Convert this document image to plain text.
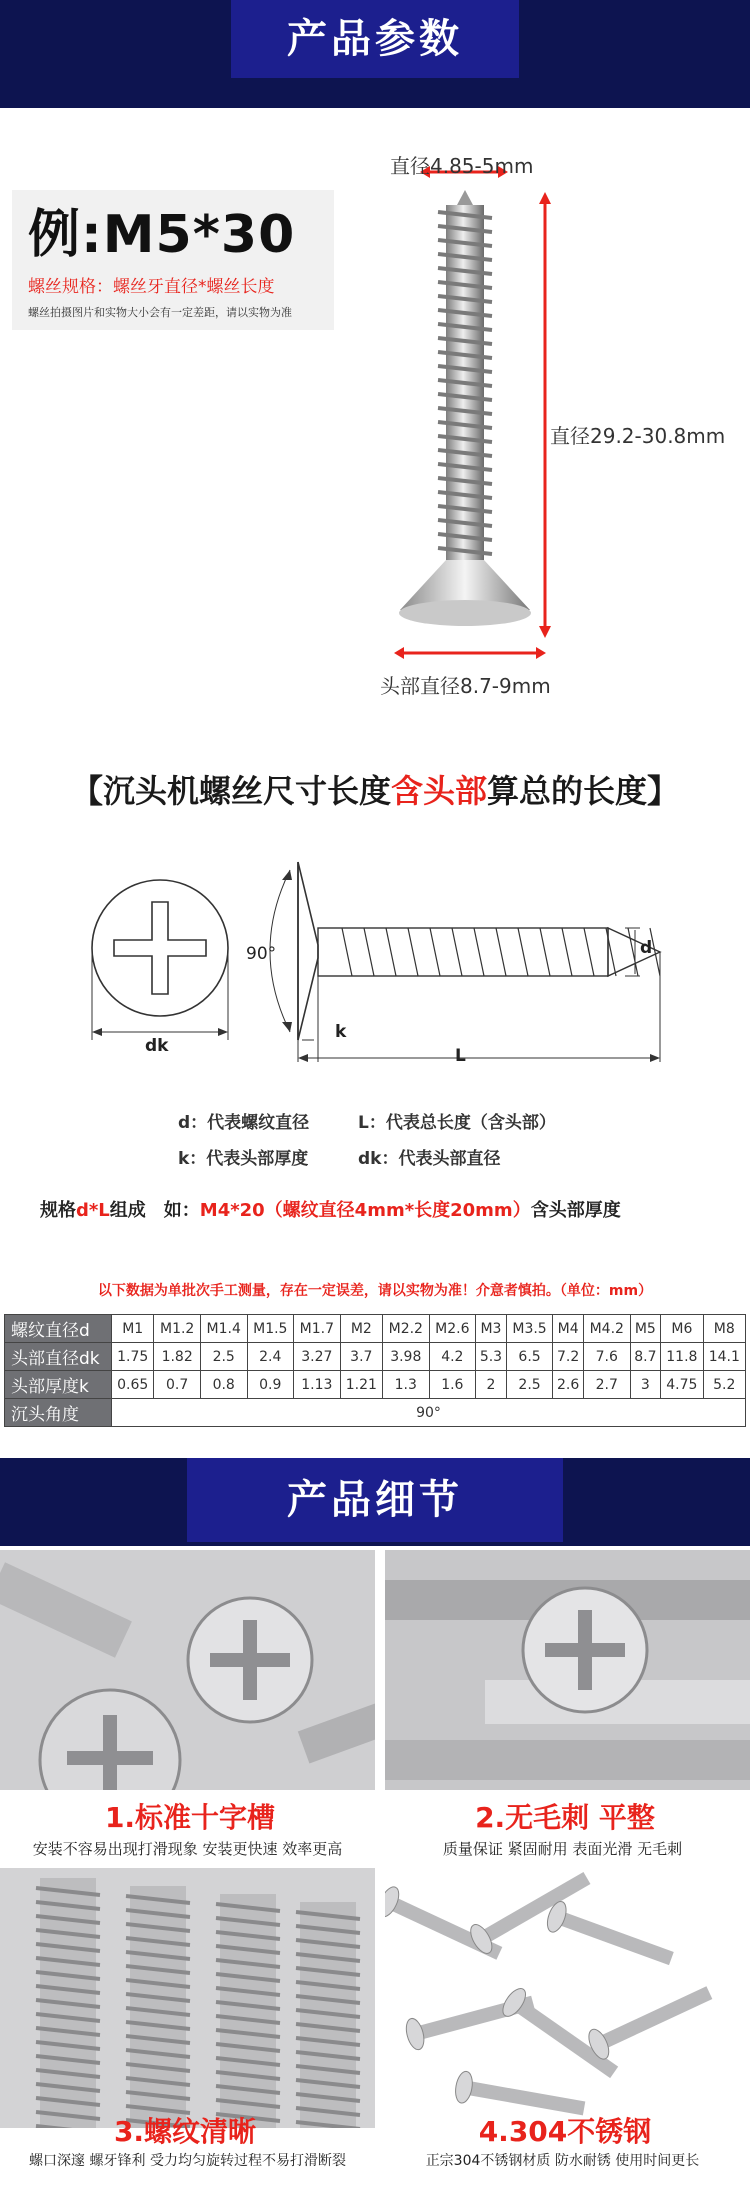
产品参数
例:M5*30
螺丝规格：螺丝牙直径*螺丝长度
螺丝拍摄图片和实物大小会有一定差距，请以实物为准
直径4.85-5mm
直径29.2-30.8mm
头部直径8.7-9mm
【沉头机螺丝尺寸长度含头部算总的长度】
90°
dk
k
L
d
d：代表螺纹直径	L：代表总长度（含头部）
k：代表头部厚度	dk：代表头部直径
规格d*L组成　如：M4*20（螺纹直径4mm*长度20mm）含头部厚度
以下数据为单批次手工测量，存在一定误差，请以实物为准！介意者慎拍。（单位：mm）
螺纹直径d	M1	M1.2	M1.4	M1.5	M1.7	M2	M2.2	M2.6	M3	M3.5	M4	M4.2	M5	M6	M8
头部直径dk	1.75	1.82	2.5	2.4	3.27	3.7	3.98	4.2	5.3	6.5	7.2	7.6	8.7	11.8	14.1
头部厚度k	0.65	0.7	0.8	0.9	1.13	1.21	1.3	1.6	2	2.5	2.6	2.7	3	4.75	5.2
沉头角度	90°														
产品细节
1.标准十字槽
安装不容易出现打滑现象 安装更快速 效率更高
2.无毛刺 平整
质量保证 紧固耐用 表面光滑 无毛刺
3.螺纹清晰
螺口深邃 螺牙锋利 受力均匀旋转过程不易打滑断裂
4.304不锈钢
正宗304不锈钢材质 防水耐锈 使用时间更长
